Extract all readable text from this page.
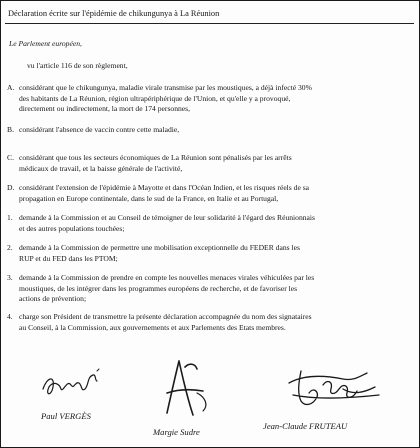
Déclaration écrite sur l'épidémie de chikungunya à La Réunion
Le Parlement européen,
vu l'article 116 de son règlement,
A. considérant que le chikungunya, maladie virale transmise par les moustiques, a déjà infecté 30%
des habitants de La Réunion, région ultrapériphérique de l'Union, et qu'elle y a provoqué,
directement ou indirectement, la mort de 174 personnes,
B. considérant l'absence de vaccin contre cette maladie,
C. considérant que tous les secteurs économiques de La Réunion sont pénalisés par les arrêts
médicaux de travail, et la baisse générale de l'activité,
D. considérant l'extension de l'épidémie à Mayotte et dans l'Océan Indien, et les risques réels de sa
propagation en Europe continentale, dans le sud de la France, en Italie et au Portugal,
1. demande à la Commission et au Conseil de témoigner de leur solidarité à l'égard des Réunionnais
et des autres populations touchées;
2. demande à la Commission de permettre une mobilisation exceptionnelle du FEDER dans les
RUP et du FED dans les PTOM;
3. demande à la Commission de prendre en compte les nouvelles menaces virales véhiculées par les
moustiques, de les intégrer dans les programmes européens de recherche, et de favoriser les
actions de prévention;
4. charge son Président de transmettre la présente déclaration accompagnée du nom des signataires
au Conseil, à la Commission, aux gouvernements et aux Parlements des Etats membres.
Paul VERGÈS
Margie Sudre
Jean-Claude FRUTEAU
